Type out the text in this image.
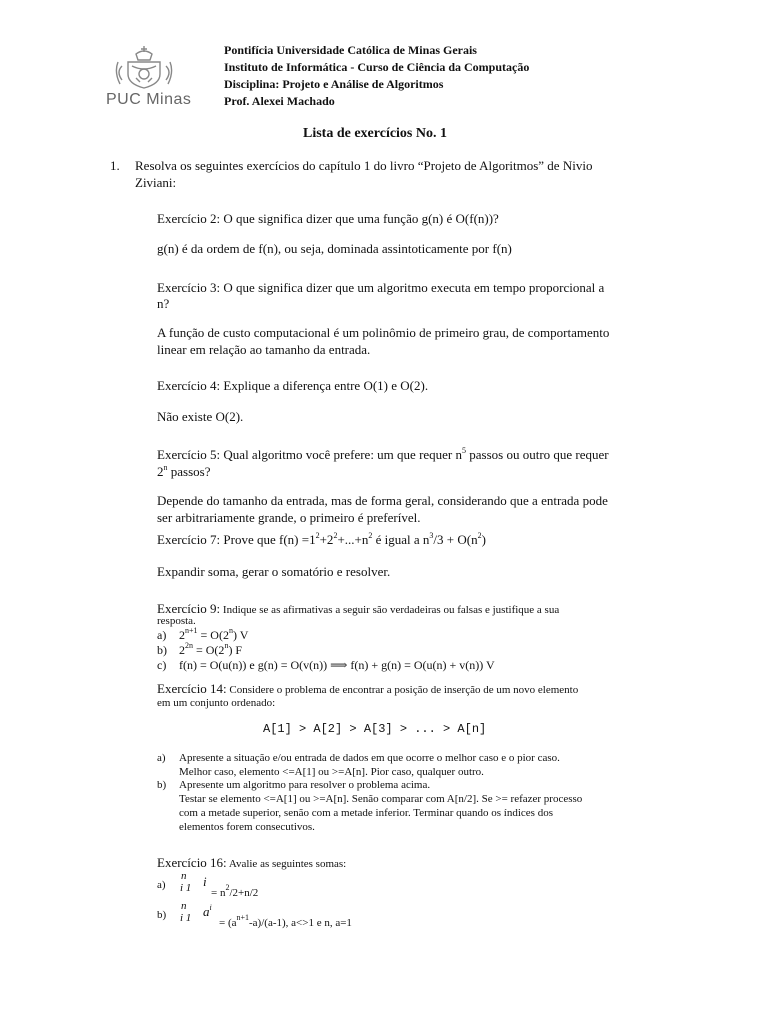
PUC Minas
Pontifícia Universidade Católica de Minas Gerais
Instituto de Informática - Curso de Ciência da Computação
Disciplina: Projeto e Análise de Algoritmos
Prof. Alexei Machado
Lista de exercícios No. 1
1. Resolva os seguintes exercícios do capítulo 1 do livro “Projeto de Algoritmos” de Nivio
Ziviani:
Exercício 2: O que significa dizer que uma função g(n) é O(f(n))?
g(n) é da ordem de f(n), ou seja, dominada assintoticamente por f(n)
Exercício 3: O que significa dizer que um algoritmo executa em tempo proporcional a
n?
A função de custo computacional é um polinômio de primeiro grau, de comportamento
linear em relação ao tamanho da entrada.
Exercício 4: Explique a diferença entre O(1) e O(2).
Não existe O(2).
Exercício 5: Qual algoritmo você prefere: um que requer $n^5$ passos ou outro que requer
2$^n$ passos?
Depende do tamanho da entrada, mas de forma geral, considerando que a entrada pode
ser arbitrariamente grande, o primeiro é preferível.
Exercício 7: Prove que $f(n) =1^2+2^2+...+n^2$ é igual a $n^3/3 + O(n^2)$
Expandir soma, gerar o somatório e resolver.
Exercício 9: Indique se as afirmativas a seguir são verdadeiras ou falsas e justifique a sua
resposta.
a) $2^{n+1} = O(2^n)$ V
b) $2^{2n} = O(2^n)$ F
c) f(n) = O(u(n)) e g(n) = O(v(n)) ⟹ f(n) + g(n) = O(u(n) + v(n)) V
Exercício 14: Considere o problema de encontrar a posição de inserção de um novo elemento
em um conjunto ordenado:
A[1] > A[2] > A[3] > ... > A[n]
a) Apresente a situação e/ou entrada de dados em que ocorre o melhor caso e o pior caso.
Melhor caso, elemento <=A[1] ou >=A[n]. Pior caso, qualquer outro.
b) Apresente um algoritmo para resolver o problema acima.
Testar se elemento <=A[1] ou >=A[n]. Senão comparar com A[n/2]. Se >= refazer processo
com a metade superior, senão com a metade inferior. Terminar quando os índices dos
elementos forem consecutivos.
Exercício 16: Avalie as seguintes somas:
a)
n
i 1 i
= $n^2/2+n/2$
b)
n
i 1 $a^i$
= $(a^{n+1}-a)/(a-1)$, a<>1 e n, a=1
